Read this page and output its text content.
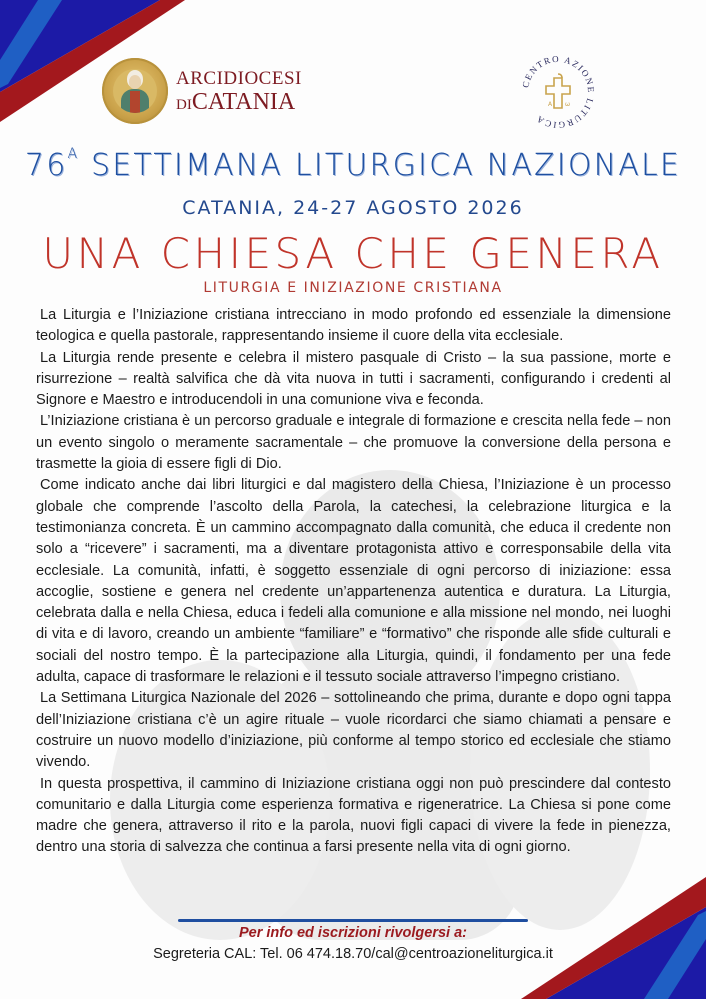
ARCIDIOCESI
DICATANIA
CENTRO AZIONE LITURGICA
A ω
$76^A$ SETTIMANA LITURGICA NAZIONALE
CATANIA, 24-27 AGOSTO 2026
UNA CHIESA CHE GENERA
LITURGIA E INIZIAZIONE CRISTIANA

La Liturgia e l’Iniziazione cristiana intrecciano in modo profondo ed essenziale la dimensione teologica e quella pastorale, rappresentando insieme il cuore della vita ecclesiale.

La Liturgia rende presente e celebra il mistero pasquale di Cristo – la sua passione, morte e risurrezione – realtà salvifica che dà vita nuova in tutti i sacramenti, configurando i credenti al Signore e Maestro e introducendoli in una comunione viva e feconda.

L’Iniziazione cristiana è un percorso graduale e integrale di formazione e crescita nella fede – non un evento singolo o meramente sacramentale – che promuove la conversione della persona e trasmette la gioia di essere figli di Dio.

Come indicato anche dai libri liturgici e dal magistero della Chiesa, l’Iniziazione è un processo globale che comprende l’ascolto della Parola, la catechesi, la celebrazione liturgica e la testimonianza concreta. È un cammino accompagnato dalla comunità, che educa il credente non solo a “ricevere” i sacramenti, ma a diventare protagonista attivo e corresponsabile della vita ecclesiale. La comunità, infatti, è soggetto essenziale di ogni percorso di iniziazione: essa accoglie, sostiene e genera nel credente un’appartenenza autentica e duratura. La Liturgia, celebrata dalla e nella Chiesa, educa i fedeli alla comunione e alla missione nel mondo, nei luoghi di vita e di lavoro, creando un ambiente “familiare” e “formativo” che risponde alle sfide culturali e sociali del nostro tempo. È la partecipazione alla Liturgia, quindi, il fondamento per una fede adulta, capace di trasformare le relazioni e il tessuto sociale attraverso l’impegno cristiano.

La Settimana Liturgica Nazionale del 2026 – sottolineando che prima, durante e dopo ogni tappa dell’Iniziazione cristiana c’è un agire rituale – vuole ricordarci che siamo chiamati a pensare e costruire un nuovo modello d’iniziazione, più conforme al tempo storico ed ecclesiale che stiamo vivendo.

In questa prospettiva, il cammino di Iniziazione cristiana oggi non può prescindere dal contesto comunitario e dalla Liturgia come esperienza formativa e rigeneratrice. La Chiesa si pone come madre che genera, attraverso il rito e la parola, nuovi figli capaci di vivere la fede in pienezza, dentro una storia di salvezza che continua a farsi presente nella vita di ogni giorno.

Per info ed iscrizioni rivolgersi a:
Segreteria CAL: Tel. 06 474.18.70/cal@centroazioneliturgica.it
